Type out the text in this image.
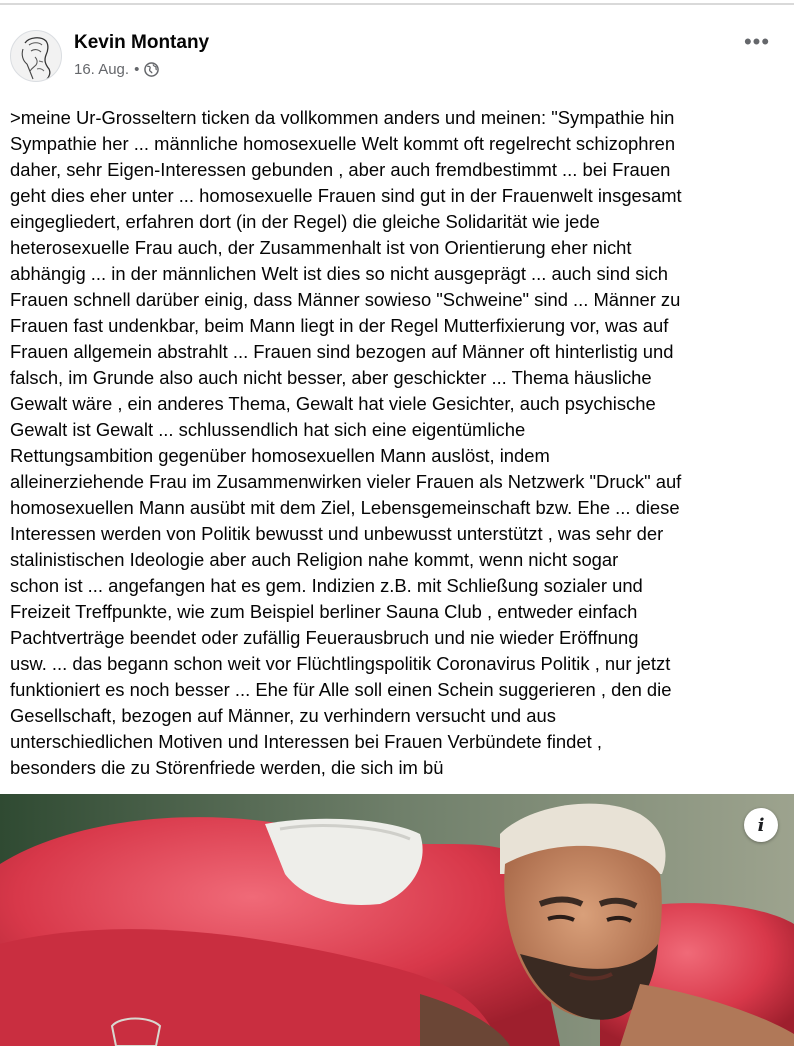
Kevin Montany
16. Aug. •
•••
>meine Ur-Grosseltern ticken da vollkommen anders und meinen: "Sympathie hin
Sympathie her ... männliche homosexuelle Welt kommt oft regelrecht schizophren
daher, sehr Eigen-Interessen gebunden , aber auch fremdbestimmt ... bei Frauen
geht dies eher unter ... homosexuelle Frauen sind gut in der Frauenwelt insgesamt
eingegliedert, erfahren dort (in der Regel) die gleiche Solidarität wie jede
heterosexuelle Frau auch, der Zusammenhalt ist von Orientierung eher nicht
abhängig ... in der männlichen Welt ist dies so nicht ausgeprägt ... auch sind sich
Frauen schnell darüber einig, dass Männer sowieso "Schweine" sind ... Männer zu
Frauen fast undenkbar, beim Mann liegt in der Regel Mutterfixierung vor, was auf
Frauen allgemein abstrahlt ... Frauen sind bezogen auf Männer oft hinterlistig und
falsch, im Grunde also auch nicht besser, aber geschickter ... Thema häusliche
Gewalt wäre , ein anderes Thema, Gewalt hat viele Gesichter, auch psychische
Gewalt ist Gewalt ... schlussendlich hat sich eine eigentümliche
Rettungsambition gegenüber homosexuellen Mann auslöst, indem
alleinerziehende Frau im Zusammenwirken vieler Frauen als Netzwerk "Druck" auf
homosexuellen Mann ausübt mit dem Ziel, Lebensgemeinschaft bzw. Ehe ... diese
Interessen werden von Politik bewusst und unbewusst unterstützt , was sehr der
stalinistischen Ideologie aber auch Religion nahe kommt, wenn nicht sogar
schon ist ... angefangen hat es gem. Indizien z.B. mit Schließung sozialer und
Freizeit Treffpunkte, wie zum Beispiel berliner Sauna Club , entweder einfach
Pachtverträge beendet oder zufällig Feuerausbruch und nie wieder Eröffnung
usw. ... das begann schon weit vor Flüchtlingspolitik Coronavirus Politik , nur jetzt
funktioniert es noch besser ... Ehe für Alle soll einen Schein suggerieren , den die
Gesellschaft, bezogen auf Männer, zu verhindern versucht und aus
unterschiedlichen Motiven und Interessen bei Frauen Verbündete findet ,
besonders die zu Störenfriede werden, die sich im bü
i
